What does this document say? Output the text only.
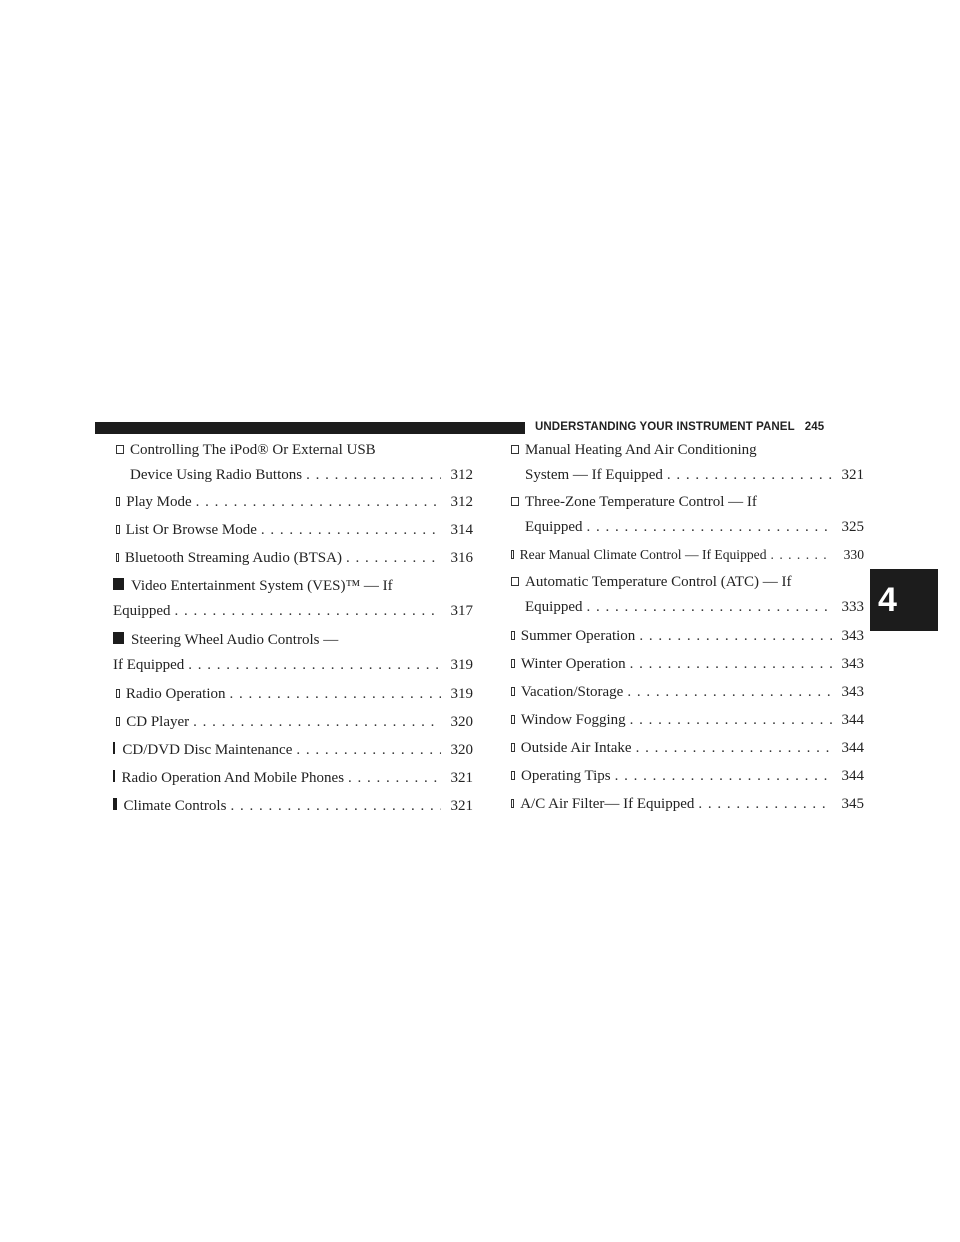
UNDERSTANDING YOUR INSTRUMENT PANEL 245
4
Controlling The iPod® Or External USB
Device Using Radio Buttons . . .	312
Play Mode . . .	312
List Or Browse Mode . . .	314
Bluetooth Streaming Audio (BTSA) . . .	316
Video Entertainment System (VES)™ — If
Equipped . . .	317
Steering Wheel Audio Controls —
If Equipped . . .	319
Radio Operation . . .	319
CD Player . . .	320
CD/DVD Disc Maintenance . . .	320
Radio Operation And Mobile Phones . . .	321
Climate Controls . . .	321
Manual Heating And Air Conditioning
System — If Equipped . . .	321
Three-Zone Temperature Control — If
Equipped . . .	325
Rear Manual Climate Control — If Equipped . . .	330
Automatic Temperature Control (ATC) — If
Equipped . . .	333
Summer Operation . . .	343
Winter Operation . . .	343
Vacation/Storage . . .	343
Window Fogging . . .	344
Outside Air Intake . . .	344
Operating Tips . . .	344
A/C Air Filter— If Equipped . . .	345
